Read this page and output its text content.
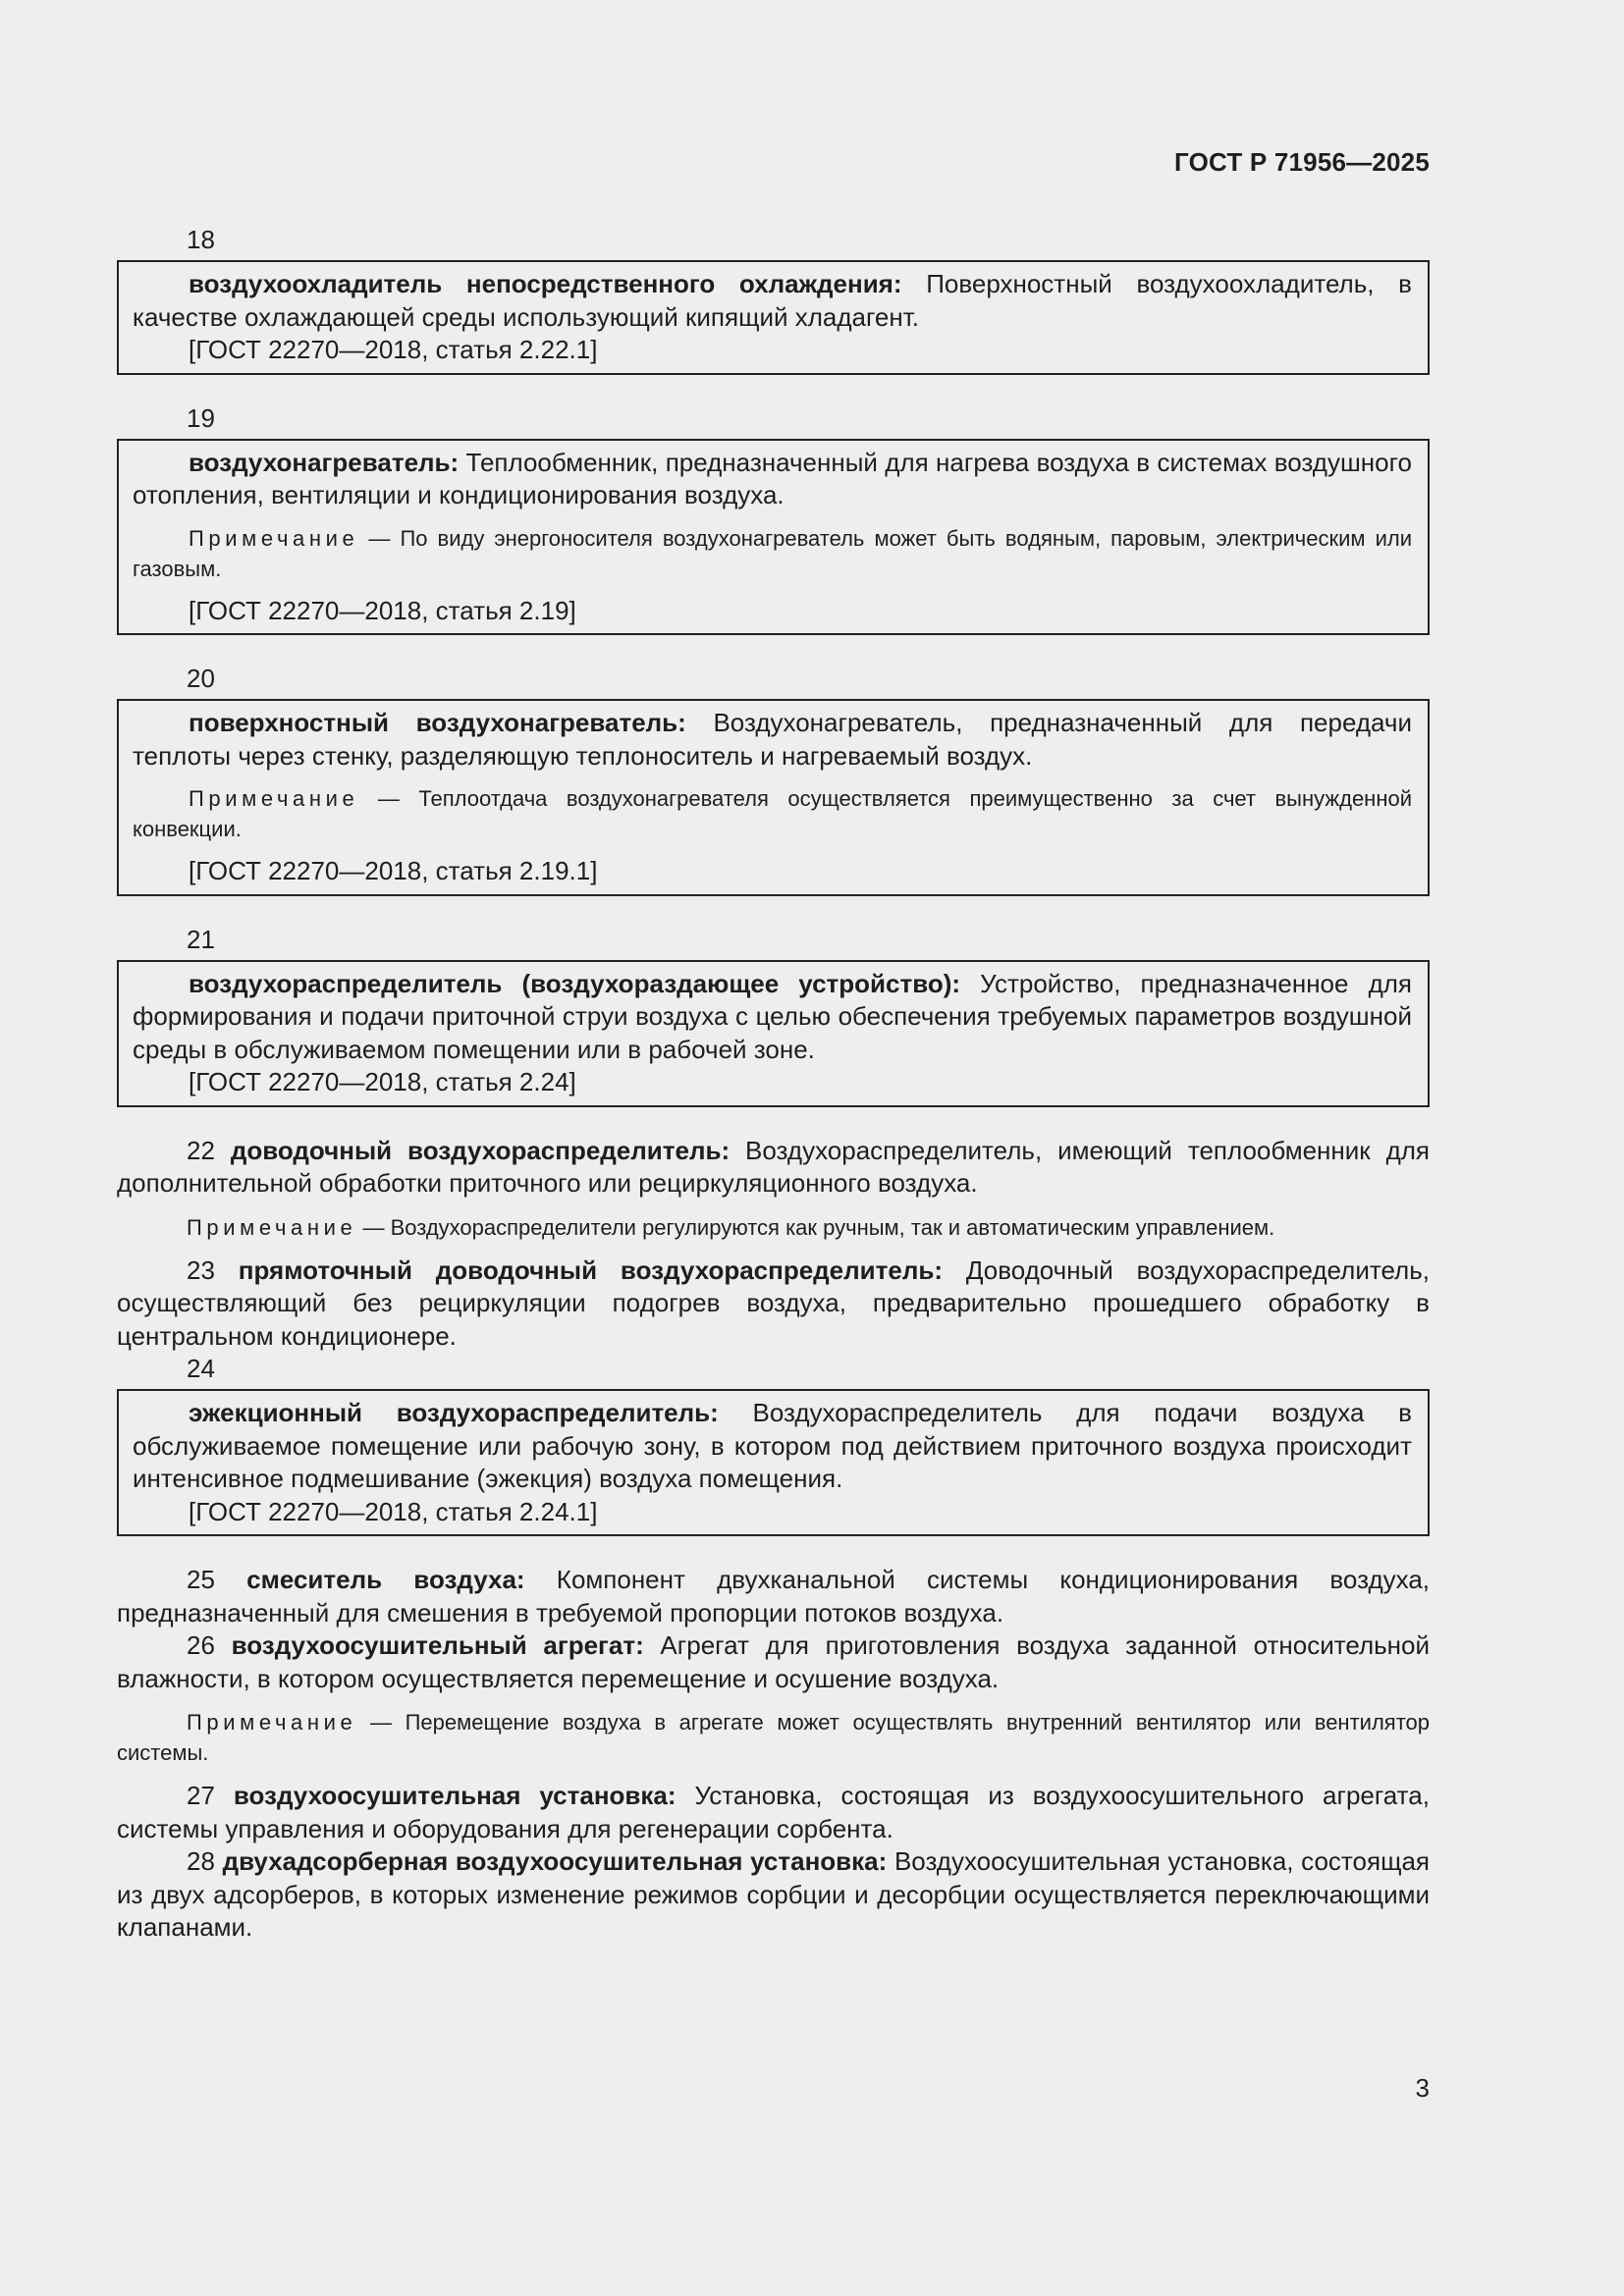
ГОСТ Р 71956—2025
18

воздухоохладитель непосредственного охлаждения: Поверхностный воздухоохладитель, в качестве охлаждающей среды использующий кипящий хладагент.

[ГОСТ 22270—2018, статья 2.22.1]

19

воздухонагреватель: Теплообменник, предназначенный для нагрева воздуха в системах воздушного отопления, вентиляции и кондиционирования воздуха.

Примечание — По виду энергоносителя воздухонагреватель может быть водяным, паровым, электрическим или газовым.

[ГОСТ 22270—2018, статья 2.19]

20

поверхностный воздухонагреватель: Воздухонагреватель, предназначенный для передачи теплоты через стенку, разделяющую теплоноситель и нагреваемый воздух.

Примечание — Теплоотдача воздухонагревателя осуществляется преимущественно за счет вынужденной конвекции.

[ГОСТ 22270—2018, статья 2.19.1]

21

воздухораспределитель (воздухораздающее устройство): Устройство, предназначенное для формирования и подачи приточной струи воздуха с целью обеспечения требуемых параметров воздушной среды в обслуживаемом помещении или в рабочей зоне.

[ГОСТ 22270—2018, статья 2.24]

22 доводочный воздухораспределитель: Воздухораспределитель, имеющий теплообменник для дополнительной обработки приточного или рециркуляционного воздуха.

Примечание — Воздухораспределители регулируются как ручным, так и автоматическим управлением.

23 прямоточный доводочный воздухораспределитель: Доводочный воздухораспределитель, осуществляющий без рециркуляции подогрев воздуха, предварительно прошедшего обработку в центральном кондиционере.

24

эжекционный воздухораспределитель: Воздухораспределитель для подачи воздуха в обслуживаемое помещение или рабочую зону, в котором под действием приточного воздуха происходит интенсивное подмешивание (эжекция) воздуха помещения.

[ГОСТ 22270—2018, статья 2.24.1]

25 смеситель воздуха: Компонент двухканальной системы кондиционирования воздуха, предназначенный для смешения в требуемой пропорции потоков воздуха.

26 воздухоосушительный агрегат: Агрегат для приготовления воздуха заданной относительной влажности, в котором осуществляется перемещение и осушение воздуха.

Примечание — Перемещение воздуха в агрегате может осуществлять внутренний вентилятор или вентилятор системы.

27 воздухоосушительная установка: Установка, состоящая из воздухоосушительного агрегата, системы управления и оборудования для регенерации сорбента.

28 двухадсорберная воздухоосушительная установка: Воздухоосушительная установка, состоящая из двух адсорберов, в которых изменение режимов сорбции и десорбции осуществляется переключающими клапанами.

3
